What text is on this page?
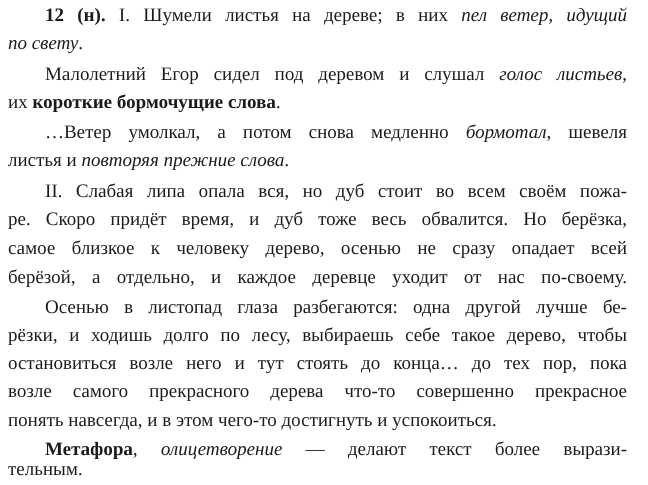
12 (н). I. Шумели листья на дереве; в них пел ветер, идущий
по свету.
Малолетний Егор сидел под деревом и слушал голос листьев,
их короткие бормочущие слова.
…Ветер умолкал, а потом снова медленно бормотал, шевеля
листья и повторяя прежние слова.
II. Слабая липа опала вся, но дуб стоит во всем своём пожа-
ре. Скоро придёт время, и дуб тоже весь обвалится. Но берёзка,
самое близкое к человеку дерево, осенью не сразу опадает всей
берёзой, а отдельно, и каждое деревце уходит от нас по-своему.
Осенью в листопад глаза разбегаются: одна другой лучше бе-
рёзки, и ходишь долго по лесу, выбираешь себе такое дерево, чтобы
остановиться возле него и тут стоять до конца… до тех пор, пока
возле самого прекрасного дерева что-то совершенно прекрасное
понять навсегда, и в этом чего-то достигнуть и успокоиться.
Метафора, олицетворение — делают текст более вырази-
тельным.
